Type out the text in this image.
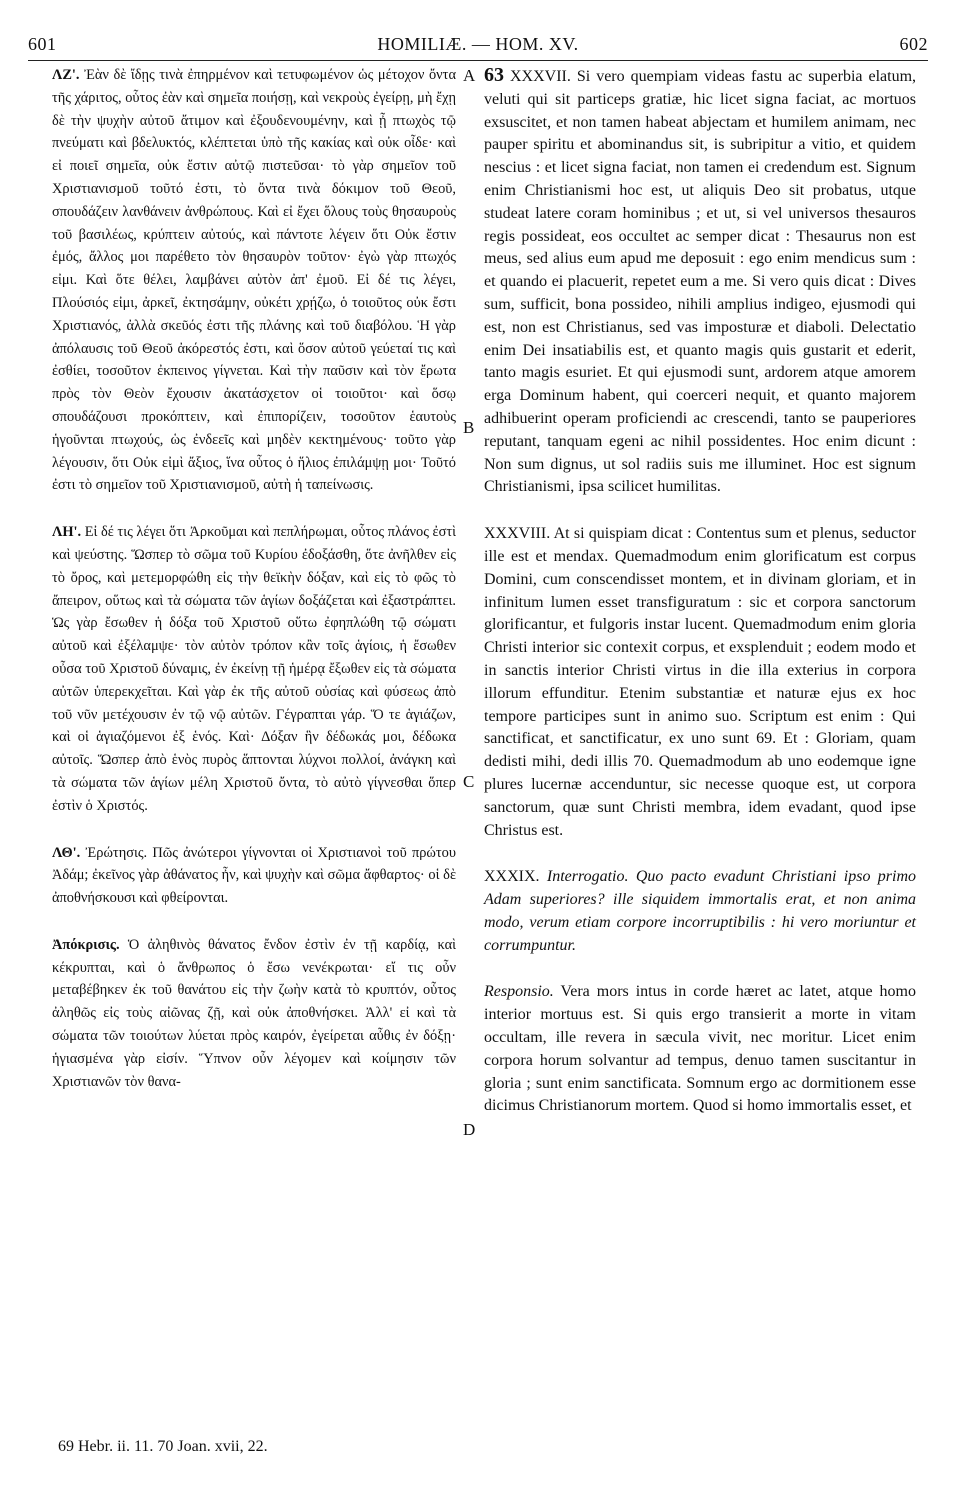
601	HOMILIÆ. — HOM. XV.	602

ΛΖ'. Ἐὰν δὲ ἴδῃς τινὰ ἐπηρμένον καὶ τετυφωμένον ὡς μέτοχον ὄντα τῆς χάριτος, οὗτος ἐὰν καὶ σημεῖα ποιήσῃ, καὶ νεκροὺς ἐγείρῃ, μὴ ἔχῃ δὲ τὴν ψυχὴν αὐτοῦ ἄτιμον καὶ ἐξουδενουμένην, καὶ ᾖ πτωχὸς τῷ πνεύματι καὶ βδελυκτός, κλέπτεται ὑπὸ τῆς κακίας καὶ οὐκ οἶδε· καὶ εἰ ποιεῖ σημεῖα, οὐκ ἔστιν αὐτῷ πιστεῦσαι· τὸ γὰρ σημεῖον τοῦ Χριστιανισμοῦ τοῦτό ἐστι, τὸ ὄντα τινὰ δόκιμον τοῦ Θεοῦ, σπουδάζειν λανθάνειν ἀνθρώπους. Καὶ εἰ ἔχει ὅλους τοὺς θησαυροὺς τοῦ βασιλέως, κρύπτειν αὐτούς, καὶ πάντοτε λέγειν ὅτι Οὐκ ἔστιν ἐμός, ἄλλος μοι παρέθετο τὸν θησαυρὸν τοῦτον· ἐγὼ γὰρ πτωχός εἰμι. Καὶ ὅτε θέλει, λαμβάνει αὐτὸν ἀπ' ἐμοῦ. Εἰ δέ τις λέγει, Πλούσιός εἰμι, ἀρκεῖ, ἐκτησάμην, οὐκέτι χρῄζω, ὁ τοιοῦτος οὐκ ἔστι Χριστιανός, ἀλλὰ σκεῦός ἐστι τῆς πλάνης καὶ τοῦ διαβόλου. Ἡ γὰρ ἀπόλαυσις τοῦ Θεοῦ ἀκόρεστός ἐστι, καὶ ὅσον αὐτοῦ γεύεταί τις καὶ ἐσθίει, τοσοῦτον ἐκπεινος γίγνεται. Καὶ τὴν παῦσιν καὶ τὸν ἔρωτα πρὸς τὸν Θεὸν ἔχουσιν ἀκατάσχετον οἱ τοιοῦτοι· καὶ ὅσῳ σπουδάζουσι προκόπτειν, καὶ ἐπιπορίζειν, τοσοῦτον ἑαυτοὺς ἡγοῦνται πτωχούς, ὡς ἐνδεεῖς καὶ μηδὲν κεκτημένους· τοῦτο γὰρ λέγουσιν, ὅτι Οὐκ εἰμὶ ἄξιος, ἵνα οὗτος ὁ ἥλιος ἐπιλάμψῃ μοι· Τοῦτό ἐστι τὸ σημεῖον τοῦ Χριστιανισμοῦ, αὐτὴ ἡ ταπείνωσις.

ΛΗ'. Εἰ δέ τις λέγει ὅτι Ἀρκοῦμαι καὶ πεπλήρωμαι, οὗτος πλάνος ἐστὶ καὶ ψεύστης. Ὥσπερ τὸ σῶμα τοῦ Κυρίου ἐδοξάσθη, ὅτε ἀνῆλθεν εἰς τὸ ὄρος, καὶ μετεμορφώθη εἰς τὴν θεϊκὴν δόξαν, καὶ εἰς τὸ φῶς τὸ ἄπειρον, οὕτως καὶ τὰ σώματα τῶν ἁγίων δοξάζεται καὶ ἐξαστράπτει. Ὡς γὰρ ἔσωθεν ἡ δόξα τοῦ Χριστοῦ οὕτω ἐφηπλώθη τῷ σώματι αὐτοῦ καὶ ἐξέλαμψε· τὸν αὐτὸν τρόπον κἂν τοῖς ἁγίοις, ἡ ἔσωθεν οὖσα τοῦ Χριστοῦ δύναμις, ἐν ἐκείνῃ τῇ ἡμέρᾳ ἔξωθεν εἰς τὰ σώματα αὐτῶν ὑπερεκχεῖται. Καὶ γὰρ ἐκ τῆς αὐτοῦ οὐσίας καὶ φύσεως ἀπὸ τοῦ νῦν μετέχουσιν ἐν τῷ νῷ αὐτῶν. Γέγραπται γάρ. Ὅ τε ἁγιάζων, καὶ οἱ ἁγιαζόμενοι ἐξ ἑνός. Καὶ· Δόξαν ἣν δέδωκάς μοι, δέδωκα αὐτοῖς. Ὥσπερ ἀπὸ ἑνὸς πυρὸς ἅπτονται λύχνοι πολλοί, ἀνάγκη καὶ τὰ σώματα τῶν ἁγίων μέλη Χριστοῦ ὄντα, τὸ αὐτὸ γίγνεσθαι ὅπερ ἐστὶν ὁ Χριστός.

ΛΘ'. Ἐρώτησις. Πῶς ἀνώτεροι γίγνονται οἱ Χριστιανοὶ τοῦ πρώτου Ἀδάμ; ἐκεῖνος γὰρ ἀθάνατος ἦν, καὶ ψυχὴν καὶ σῶμα ἄφθαρτος· οἱ δὲ ἀποθνήσκουσι καὶ φθείρονται.

Ἀπόκρισις. Ὁ ἀληθινὸς θάνατος ἔνδον ἐστὶν ἐν τῇ καρδίᾳ, καὶ κέκρυπται, καὶ ὁ ἄνθρωπος ὁ ἔσω νενέκρωται· εἴ τις οὖν μεταβέβηκεν ἐκ τοῦ θανάτου εἰς τὴν ζωὴν κατὰ τὸ κρυπτόν, οὗτος ἀληθῶς εἰς τοὺς αἰῶνας ζῇ, καὶ οὐκ ἀποθνήσκει. Ἀλλ' εἰ καὶ τὰ σώματα τῶν τοιούτων λύεται πρὸς καιρόν, ἐγείρεται αὖθις ἐν δόξῃ· ἡγιασμένα γὰρ εἰσίν. Ὕπνον οὖν λέγομεν καὶ κοίμησιν τῶν Χριστιανῶν τὸν θανα-

A
B
C
D

63 XXXVII. Si vero quempiam videas fastu ac superbia elatum, veluti qui sit particeps gratiæ, hic licet signa faciat, ac mortuos exsuscitet, et non tamen habeat abjectam et humilem animam, nec pauper spiritu et abominandus sit, is subripitur a vitio, et quidem nescius : et licet signa faciat, non tamen ei credendum est. Signum enim Christianismi hoc est, ut aliquis Deo sit probatus, utque studeat latere coram hominibus ; et ut, si vel universos thesauros regis possideat, eos occultet ac semper dicat : Thesaurus non est meus, sed alius eum apud me deposuit : ego enim mendicus sum : et quando ei placuerit, repetet eum a me. Si vero quis dicat : Dives sum, sufficit, bona possideo, nihili amplius indigeo, ejusmodi qui est, non est Christianus, sed vas imposturæ et diaboli. Delectatio enim Dei insatiabilis est, et quanto magis quis gustarit et ederit, tanto magis esuriet. Et qui ejusmodi sunt, ardorem atque amorem erga Dominum habent, qui coerceri nequit, et quanto majorem adhibuerint operam proficiendi ac crescendi, tanto se pauperiores reputant, tanquam egeni ac nihil possidentes. Hoc enim dicunt : Non sum dignus, ut sol radiis suis me illuminet. Hoc est signum Christianismi, ipsa scilicet humilitas.

XXXVIII. At si quispiam dicat : Contentus sum et plenus, seductor ille est et mendax. Quemadmodum enim glorificatum est corpus Domini, cum conscendisset montem, et in divinam gloriam, et in infinitum lumen esset transfiguratum : sic et corpora sanctorum glorificantur, et fulgoris instar lucent. Quemadmodum enim gloria Christi interior sic contexit corpus, et exsplenduit ; eodem modo et in sanctis interior Christi virtus in die illa exterius in corpora illorum effunditur. Etenim substantiæ et naturæ ejus ex hoc tempore participes sunt in animo suo. Scriptum est enim : Qui sanctificat, et sanctificatur, ex uno sunt 69. Et : Gloriam, quam dedisti mihi, dedi illis 70. Quemadmodum ab uno eodemque igne plures lucernæ accenduntur, sic necesse quoque est, ut corpora sanctorum, quæ sunt Christi membra, idem evadant, quod ipse Christus est.

XXXIX. Interrogatio. Quo pacto evadunt Christiani ipso primo Adam superiores? ille siquidem immortalis erat, et non anima modo, verum etiam corpore incorruptibilis : hi vero moriuntur et corrumpuntur.

Responsio. Vera mors intus in corde hæret ac latet, atque homo interior mortuus est. Si quis ergo transierit a morte in vitam occultam, ille revera in sæcula vivit, nec moritur. Licet enim corpora horum solvantur ad tempus, denuo tamen suscitantur in gloria ; sunt enim sanctificata. Somnum ergo ac dormitionem esse dicimus Christianorum mortem. Quod si homo immortalis esset, et

69 Hebr. ii. 11. 70 Joan. xvii, 22.
